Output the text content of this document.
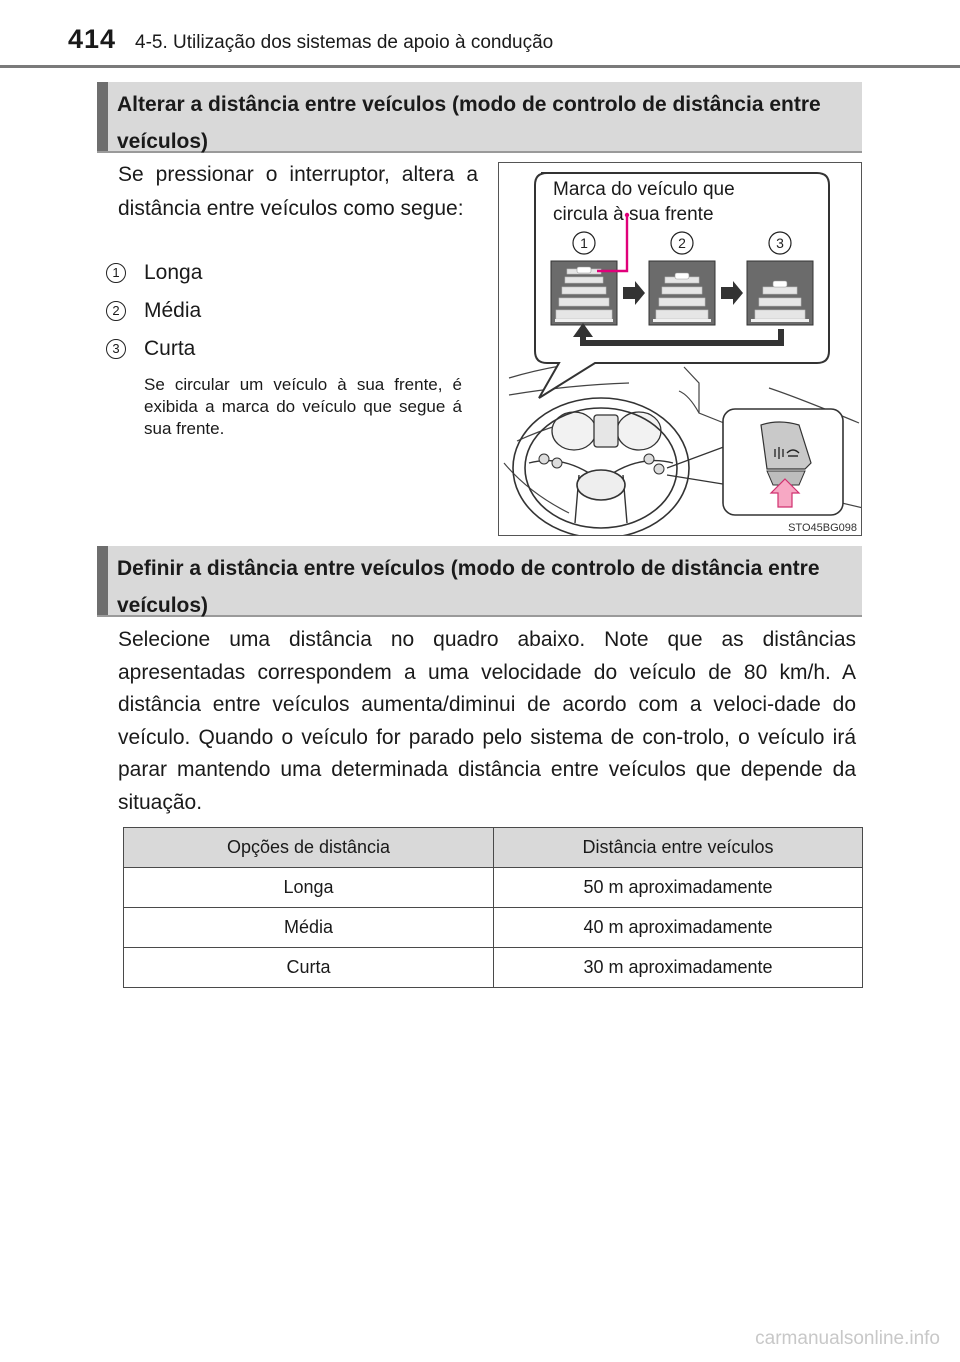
414 4-5. Utilização dos sistemas de apoio à condução
Alterar a distância entre veículos (modo de controlo de distância entre veículos)
Se pressionar o interruptor, altera a distância entre veículos como segue:
1	Longa
2	Média
3	Curta
Se circular um veículo à sua frente, é exibida a marca do veículo que segue á sua frente.
1	2	3
Marca do veículo que
circula à sua frente
STO45BG098
Definir a distância entre veículos (modo de controlo de distância entre veículos)
Selecione uma distância no quadro abaixo. Note que as distâncias apresentadas correspondem a uma velocidade do veículo de 80 km/h. A distância entre veículos aumenta/diminui de acordo com a veloci-dade do veículo. Quando o veículo for parado pelo sistema de con-trolo, o veículo irá parar mantendo uma determinada distância entre veículos que depende da situação.
Opções de distância	Distância entre veículos
Longa	50 m aproximadamente
Média	40 m aproximadamente
Curta	30 m aproximadamente
carmanualsonline.info
